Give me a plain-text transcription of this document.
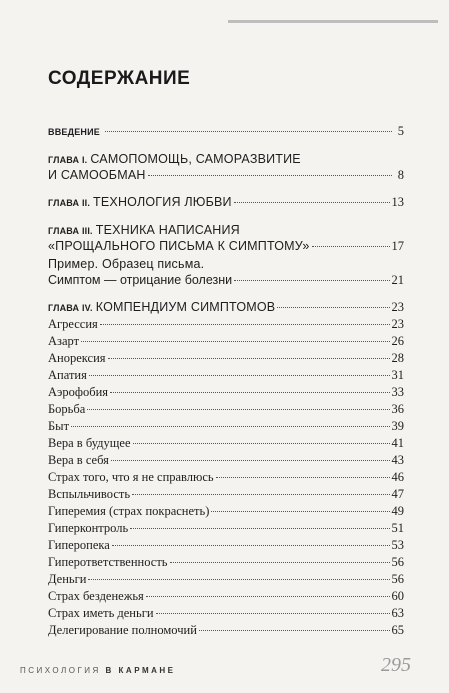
СОДЕРЖАНИЕ
ВВЕДЕНИЕ	5
ГЛАВА I. САМОПОМОЩЬ, САМОРАЗВИТИЕ
И САМООБМАН	8
ГЛАВА II. ТЕХНОЛОГИЯ ЛЮБВИ	13
ГЛАВА III. ТЕХНИКА НАПИСАНИЯ
«ПРОЩАЛЬНОГО ПИСЬМА К СИМПТОМУ»	17
Пример. Образец письма.
Симптом — отрицание болезни	21
ГЛАВА IV. КОМПЕНДИУМ СИМПТОМОВ	23
Агрессия	23
Азарт	26
Анорексия	28
Апатия	31
Аэрофобия	33
Борьба	36
Быт	39
Вера в будущее	41
Вера в себя	43
Страх того, что я не справлюсь	46
Вспыльчивость	47
Гиперемия (страх покраснеть)	49
Гиперконтроль	51
Гиперопека	53
Гиперответственность	56
Деньги	56
Страх безденежья	60
Страх иметь деньги	63
Делегирование полномочий	65
ПСИХОЛОГИЯ В КАРМАНЕ	295
